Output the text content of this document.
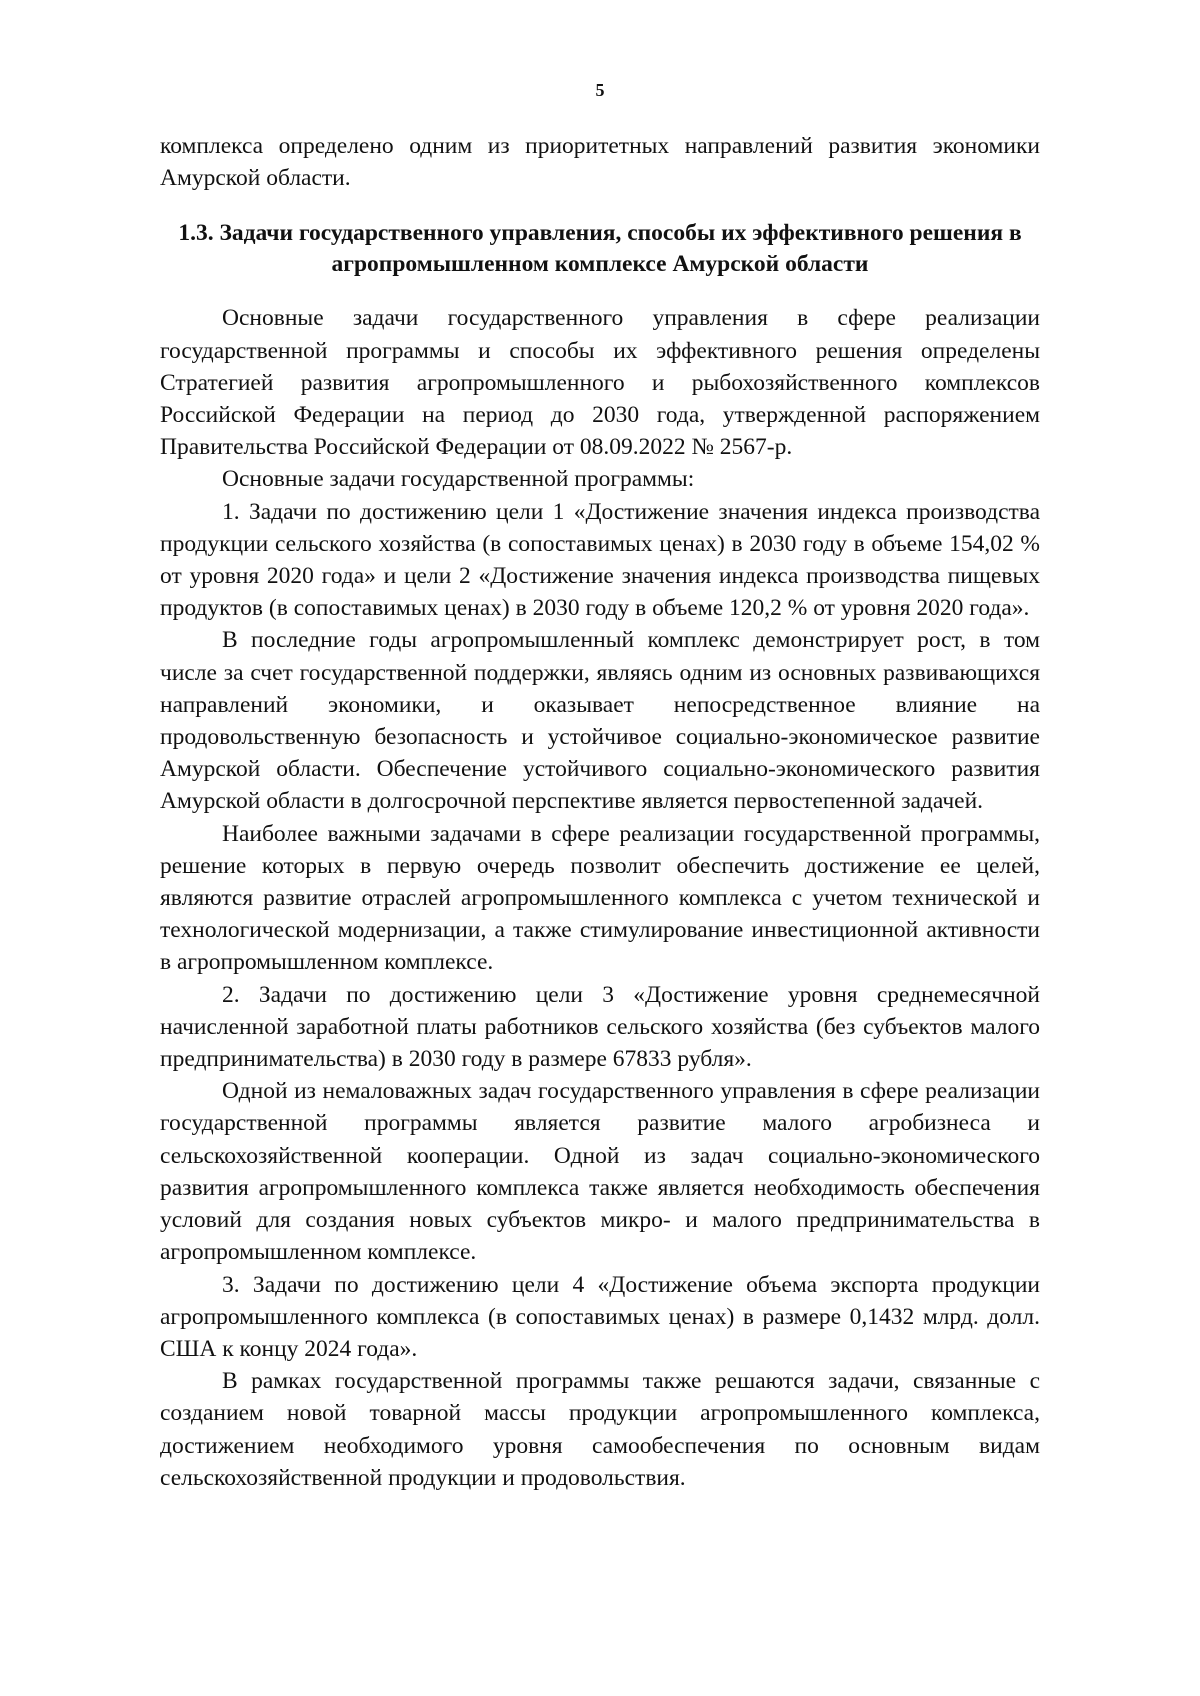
5

комплекса определено одним из приоритетных направлений развития экономики Амурской области.

1.3. Задачи государственного управления, способы их эффективного решения в агропромышленном комплексе Амурской области

Основные задачи государственного управления в сфере реализации государственной программы и способы их эффективного решения определены Стратегией развития агропромышленного и рыбохозяйственного комплексов Российской Федерации на период до 2030 года, утвержденной распоряжением Правительства Российской Федерации от 08.09.2022 № 2567-р.

Основные задачи государственной программы:

1. Задачи по достижению цели 1 «Достижение значения индекса производства продукции сельского хозяйства (в сопоставимых ценах) в 2030 году в объеме 154,02 % от уровня 2020 года» и цели 2 «Достижение значения индекса производства пищевых продуктов (в сопоставимых ценах) в 2030 году в объеме 120,2 % от уровня 2020 года».

В последние годы агропромышленный комплекс демонстрирует рост, в том числе за счет государственной поддержки, являясь одним из основных развивающихся направлений экономики, и оказывает непосредственное влияние на продовольственную безопасность и устойчивое социально-экономическое развитие Амурской области. Обеспечение устойчивого социально-экономического развития Амурской области в долгосрочной перспективе является первостепенной задачей.

Наиболее важными задачами в сфере реализации государственной программы, решение которых в первую очередь позволит обеспечить достижение ее целей, являются развитие отраслей агропромышленного комплекса с учетом технической и технологической модернизации, а также стимулирование инвестиционной активности в агропромышленном комплексе.

2. Задачи по достижению цели 3 «Достижение уровня среднемесячной начисленной заработной платы работников сельского хозяйства (без субъектов малого предпринимательства) в 2030 году в размере 67833 рубля».

Одной из немаловажных задач государственного управления в сфере реализации государственной программы является развитие малого агробизнеса и сельскохозяйственной кооперации. Одной из задач социально-экономического развития агропромышленного комплекса также является необходимость обеспечения условий для создания новых субъектов микро- и малого предпринимательства в агропромышленном комплексе.

3. Задачи по достижению цели 4 «Достижение объема экспорта продукции агропромышленного комплекса (в сопоставимых ценах) в размере 0,1432 млрд. долл. США к концу 2024 года».

В рамках государственной программы также решаются задачи, связанные с созданием новой товарной массы продукции агропромышленного комплекса, достижением необходимого уровня самообеспечения по основным видам сельскохозяйственной продукции и продовольствия.
